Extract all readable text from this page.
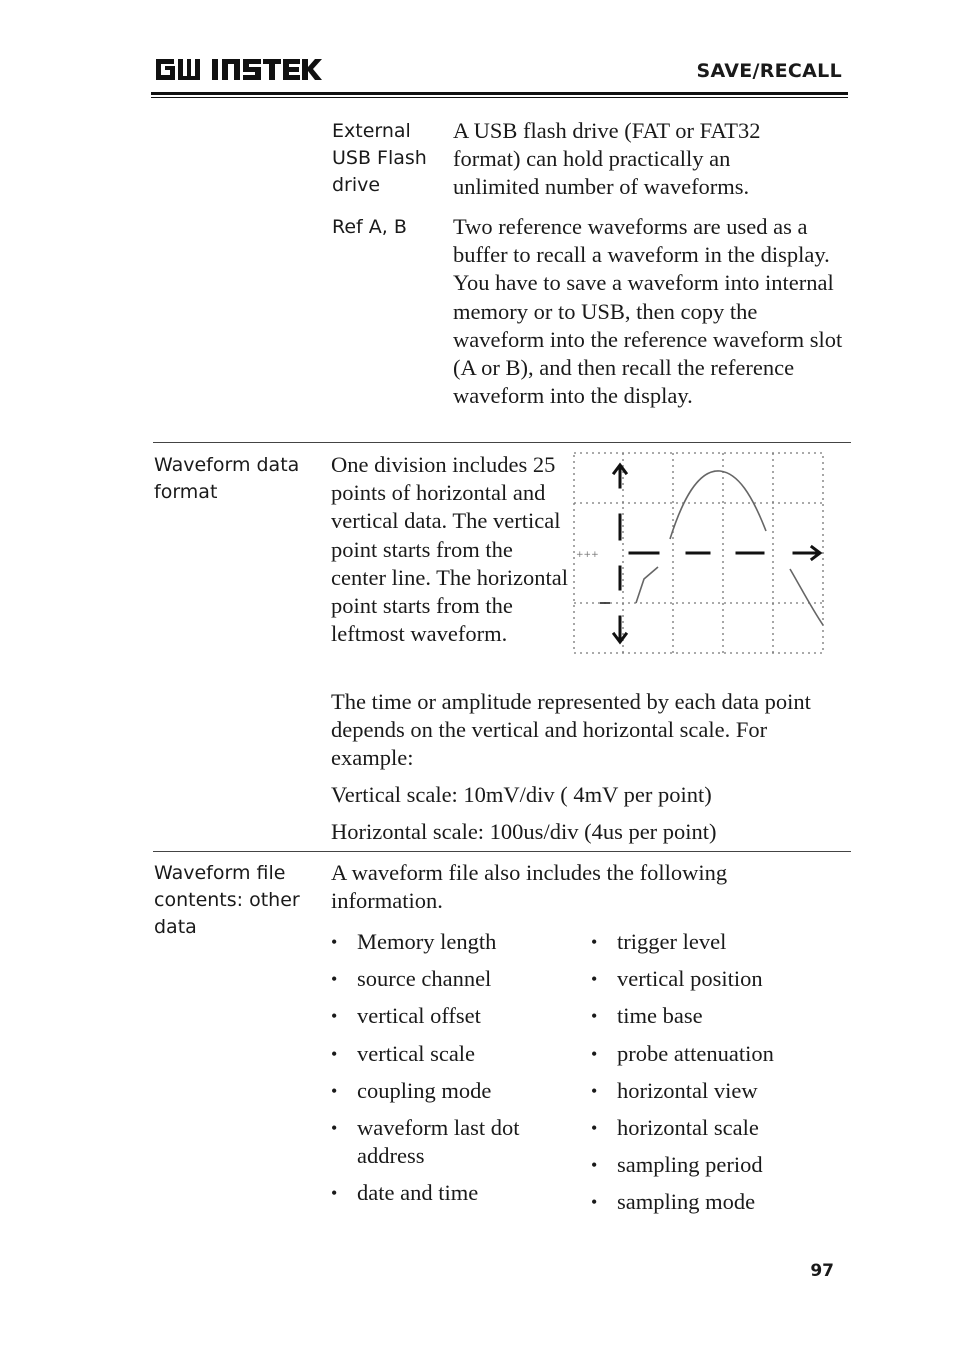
SAVE/RECALL
External USB Flash drive
A USB flash drive (FAT or FAT32 format) can hold practically an unlimited number of waveforms.
Ref A, B	Two reference waveforms are used as a buffer to recall a waveform in the display. You have to save a waveform into internal memory or to USB, then copy the waveform into the reference waveform slot (A or B), and then recall the reference waveform into the display.
Waveform data format
One division includes 25 points of horizontal and vertical data. The vertical point starts from the center line. The horizontal point starts from the leftmost waveform.
+++
The time or amplitude represented by each data point depends on the vertical and horizontal scale. For example:
Vertical scale: 10mV/div ( 4mV per point)
Horizontal scale: 100us/div (4us per point)
Waveform file contents: other data
A waveform file also includes the following information.
• Memory length
• source channel
• vertical offset
• vertical scale
• coupling mode
• waveform last dot address
• date and time
• trigger level
• vertical position
• time base
• probe attenuation
• horizontal view
• horizontal scale
• sampling period
• sampling mode
97
